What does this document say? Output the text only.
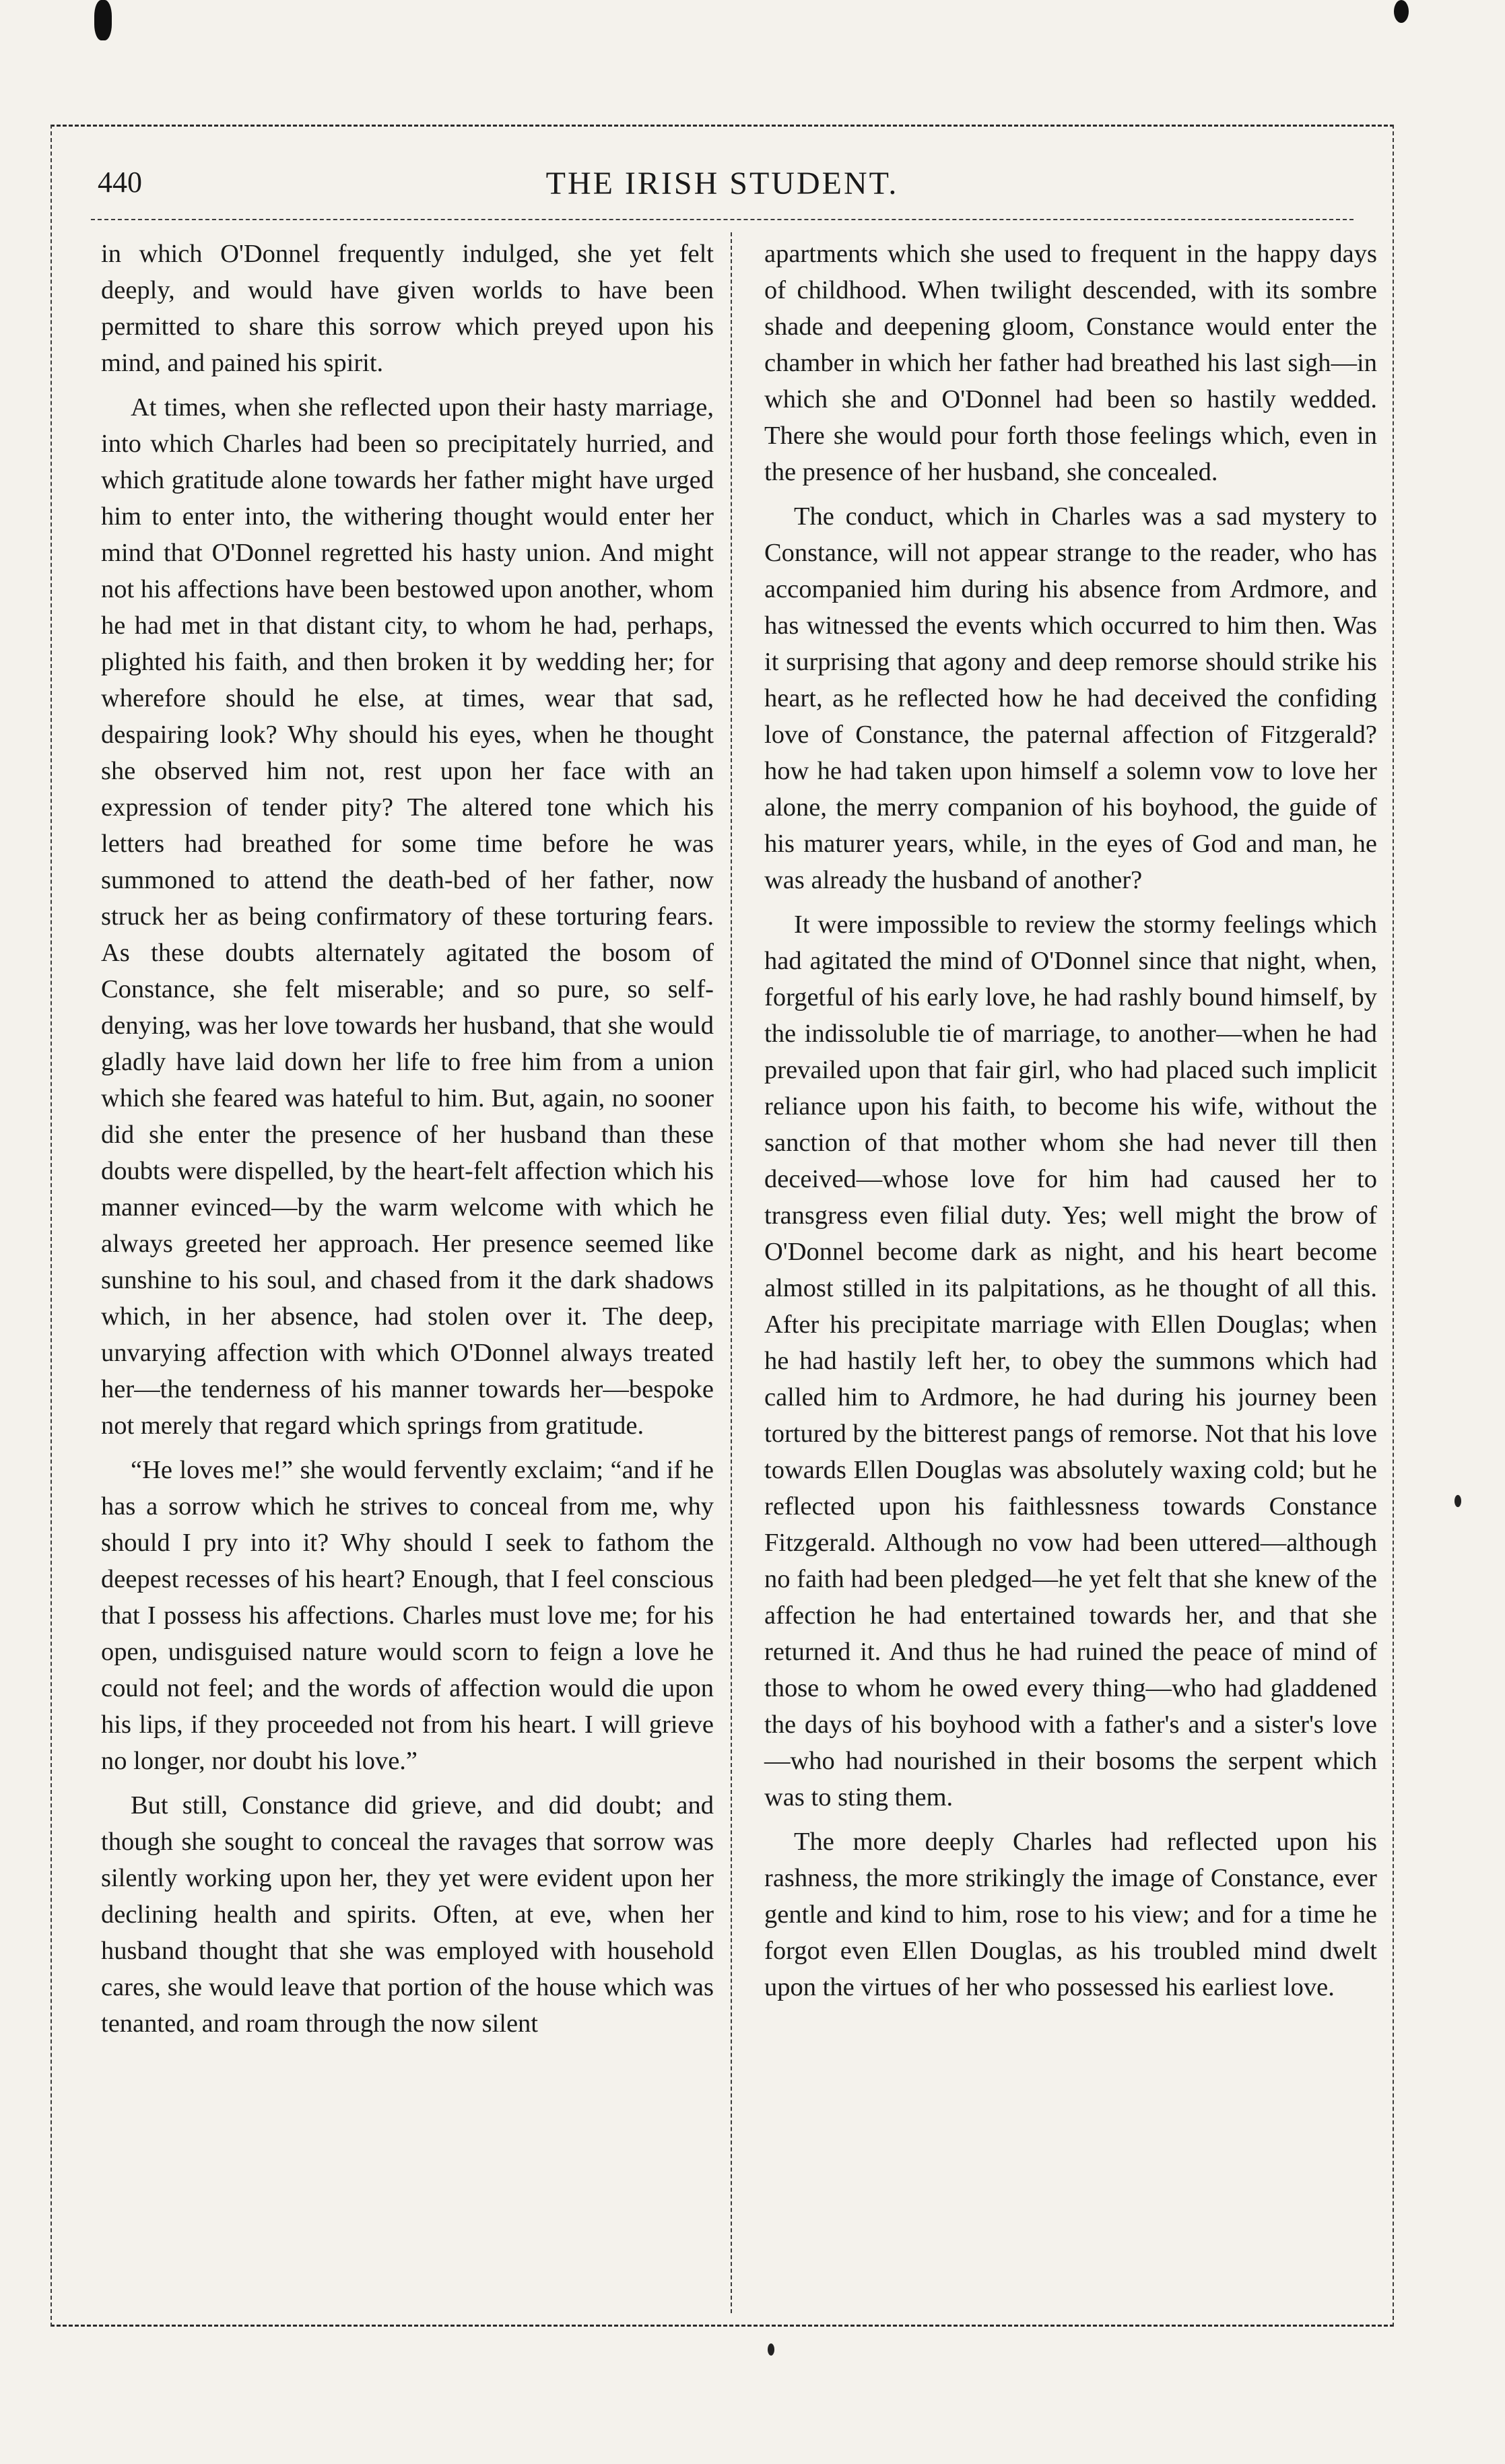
440	THE IRISH STUDENT.

in which O'Donnel frequently indulged, she yet felt deeply, and would have given worlds to have been permitted to share this sorrow which preyed upon his mind, and pained his spirit.

At times, when she reflected upon their hasty marriage, into which Charles had been so precipitately hurried, and which gratitude alone towards her father might have urged him to enter into, the withering thought would enter her mind that O'Donnel regretted his hasty union. And might not his affections have been bestowed upon another, whom he had met in that distant city, to whom he had, perhaps, plighted his faith, and then broken it by wedding her; for wherefore should he else, at times, wear that sad, despairing look? Why should his eyes, when he thought she observed him not, rest upon her face with an expression of tender pity? The altered tone which his letters had breathed for some time before he was summoned to attend the death-bed of her father, now struck her as being confirmatory of these torturing fears. As these doubts alternately agitated the bosom of Constance, she felt miserable; and so pure, so self-denying, was her love towards her husband, that she would gladly have laid down her life to free him from a union which she feared was hateful to him. But, again, no sooner did she enter the presence of her husband than these doubts were dispelled, by the heart-felt affection which his manner evinced—by the warm welcome with which he always greeted her approach. Her presence seemed like sunshine to his soul, and chased from it the dark shadows which, in her absence, had stolen over it. The deep, unvarying affection with which O'Donnel always treated her—the tenderness of his manner towards her—bespoke not merely that regard which springs from gratitude.

“He loves me!” she would fervently exclaim; “and if he has a sorrow which he strives to conceal from me, why should I pry into it? Why should I seek to fathom the deepest recesses of his heart? Enough, that I feel conscious that I possess his affections. Charles must love me; for his open, undisguised nature would scorn to feign a love he could not feel; and the words of affection would die upon his lips, if they proceeded not from his heart. I will grieve no longer, nor doubt his love.”

But still, Constance did grieve, and did doubt; and though she sought to conceal the ravages that sorrow was silently working upon her, they yet were evident upon her declining health and spirits. Often, at eve, when her husband thought that she was employed with household cares, she would leave that portion of the house which was tenanted, and roam through the now silent

apartments which she used to frequent in the happy days of childhood. When twilight descended, with its sombre shade and deepening gloom, Constance would enter the chamber in which her father had breathed his last sigh—in which she and O'Donnel had been so hastily wedded. There she would pour forth those feelings which, even in the presence of her husband, she concealed.

The conduct, which in Charles was a sad mystery to Constance, will not appear strange to the reader, who has accompanied him during his absence from Ardmore, and has witnessed the events which occurred to him then. Was it surprising that agony and deep remorse should strike his heart, as he reflected how he had deceived the confiding love of Constance, the paternal affection of Fitzgerald? how he had taken upon himself a solemn vow to love her alone, the merry companion of his boyhood, the guide of his maturer years, while, in the eyes of God and man, he was already the husband of another?

It were impossible to review the stormy feelings which had agitated the mind of O'Donnel since that night, when, forgetful of his early love, he had rashly bound himself, by the indissoluble tie of marriage, to another—when he had prevailed upon that fair girl, who had placed such implicit reliance upon his faith, to become his wife, without the sanction of that mother whom she had never till then deceived—whose love for him had caused her to transgress even filial duty. Yes; well might the brow of O'Donnel become dark as night, and his heart become almost stilled in its palpitations, as he thought of all this. After his precipitate marriage with Ellen Douglas; when he had hastily left her, to obey the summons which had called him to Ardmore, he had during his journey been tortured by the bitterest pangs of remorse. Not that his love towards Ellen Douglas was absolutely waxing cold; but he reflected upon his faithlessness towards Constance Fitzgerald. Although no vow had been uttered—although no faith had been pledged—he yet felt that she knew of the affection he had entertained towards her, and that she returned it. And thus he had ruined the peace of mind of those to whom he owed every thing—who had gladdened the days of his boyhood with a father's and a sister's love—who had nourished in their bosoms the serpent which was to sting them.

The more deeply Charles had reflected upon his rashness, the more strikingly the image of Constance, ever gentle and kind to him, rose to his view; and for a time he forgot even Ellen Douglas, as his troubled mind dwelt upon the virtues of her who possessed his earliest love.
